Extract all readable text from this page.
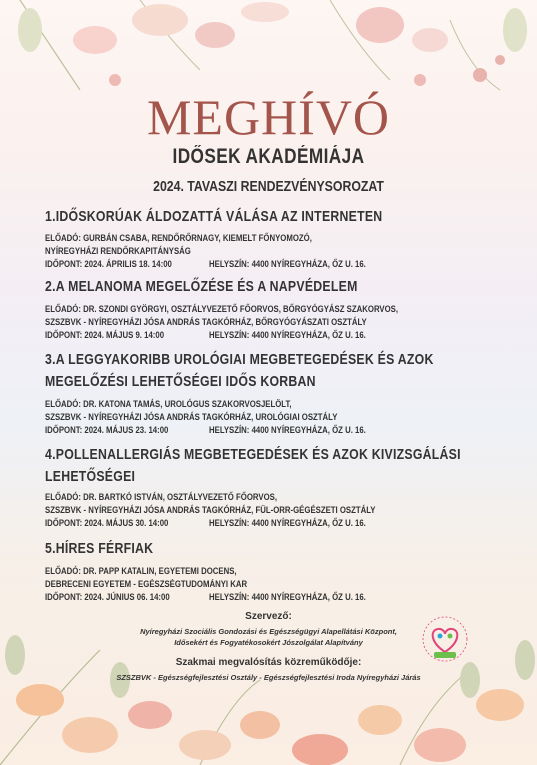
MEGHÍVÓ
IDŐSEK AKADÉMIÁJA
2024. TAVASZI RENDEZVÉNYSOROZAT
1.IDŐSKORÚAK ÁLDOZATTÁ VÁLÁSA AZ INTERNETEN
ELŐADÓ: GURBÁN CSABA, RENDŐRŐRNAGY, KIEMELT FŐNYOMOZÓ,
NYÍREGYHÁZI RENDŐRKAPITÁNYSÁG
IDŐPONT: 2024. ÁPRILIS 18. 14:00	HELYSZÍN: 4400 NYÍREGYHÁZA, ŐZ U. 16.
2.A MELANOMA MEGELŐZÉSE ÉS A NAPVÉDELEM
ELŐADÓ: DR. SZONDI GYÖRGYI, OSZTÁLYVEZETŐ FŐORVOS, BŐRGYÓGYÁSZ SZAKORVOS,
SZSZBVK - NYÍREGYHÁZI JÓSA ANDRÁS TAGKÓRHÁZ, BŐRGYÓGYÁSZATI OSZTÁLY
IDŐPONT: 2024. MÁJUS 9. 14:00	HELYSZÍN: 4400 NYÍREGYHÁZA, ŐZ U. 16.
3.A LEGGYAKORIBB UROLÓGIAI MEGBETEGEDÉSEK ÉS AZOK
MEGELŐZÉSI LEHETŐSÉGEI IDŐS KORBAN
ELŐADÓ: DR. KATONA TAMÁS, UROLÓGUS SZAKORVOSJELÖLT,
SZSZBVK - NYÍREGYHÁZI JÓSA ANDRÁS TAGKÓRHÁZ, UROLÓGIAI OSZTÁLY
IDŐPONT: 2024. MÁJUS 23. 14:00	HELYSZÍN: 4400 NYÍREGYHÁZA, ŐZ U. 16.
4.POLLENALLERGIÁS MEGBETEGEDÉSEK ÉS AZOK KIVIZSGÁLÁSI
LEHETŐSÉGEI
ELŐADÓ: DR. BARTKÓ ISTVÁN, OSZTÁLYVEZETŐ FŐORVOS,
SZSZBVK - NYÍREGYHÁZI JÓSA ANDRÁS TAGKÓRHÁZ, FÜL-ORR-GÉGÉSZETI OSZTÁLY
IDŐPONT: 2024. MÁJUS 30. 14:00	HELYSZÍN: 4400 NYÍREGYHÁZA, ŐZ U. 16.
5.HÍRES FÉRFIAK
ELŐADÓ: DR. PAPP KATALIN, EGYETEMI DOCENS,
DEBRECENI EGYETEM - EGÉSZSÉGTUDOMÁNYI KAR
IDŐPONT: 2024. JÚNIUS 06. 14:00	HELYSZÍN: 4400 NYÍREGYHÁZA, ŐZ U. 16.
Szervező:
Nyíregyházi Szociális Gondozási és Egészségügyi Alapellátási Központ,
Idősekért és Fogyatékosokért Jószolgálat Alapítvány
Szakmai megvalósítás közreműködője:
SZSZBVK - Egészségfejlesztési Osztály - Egészségfejlesztési Iroda Nyíregyházi Járás
